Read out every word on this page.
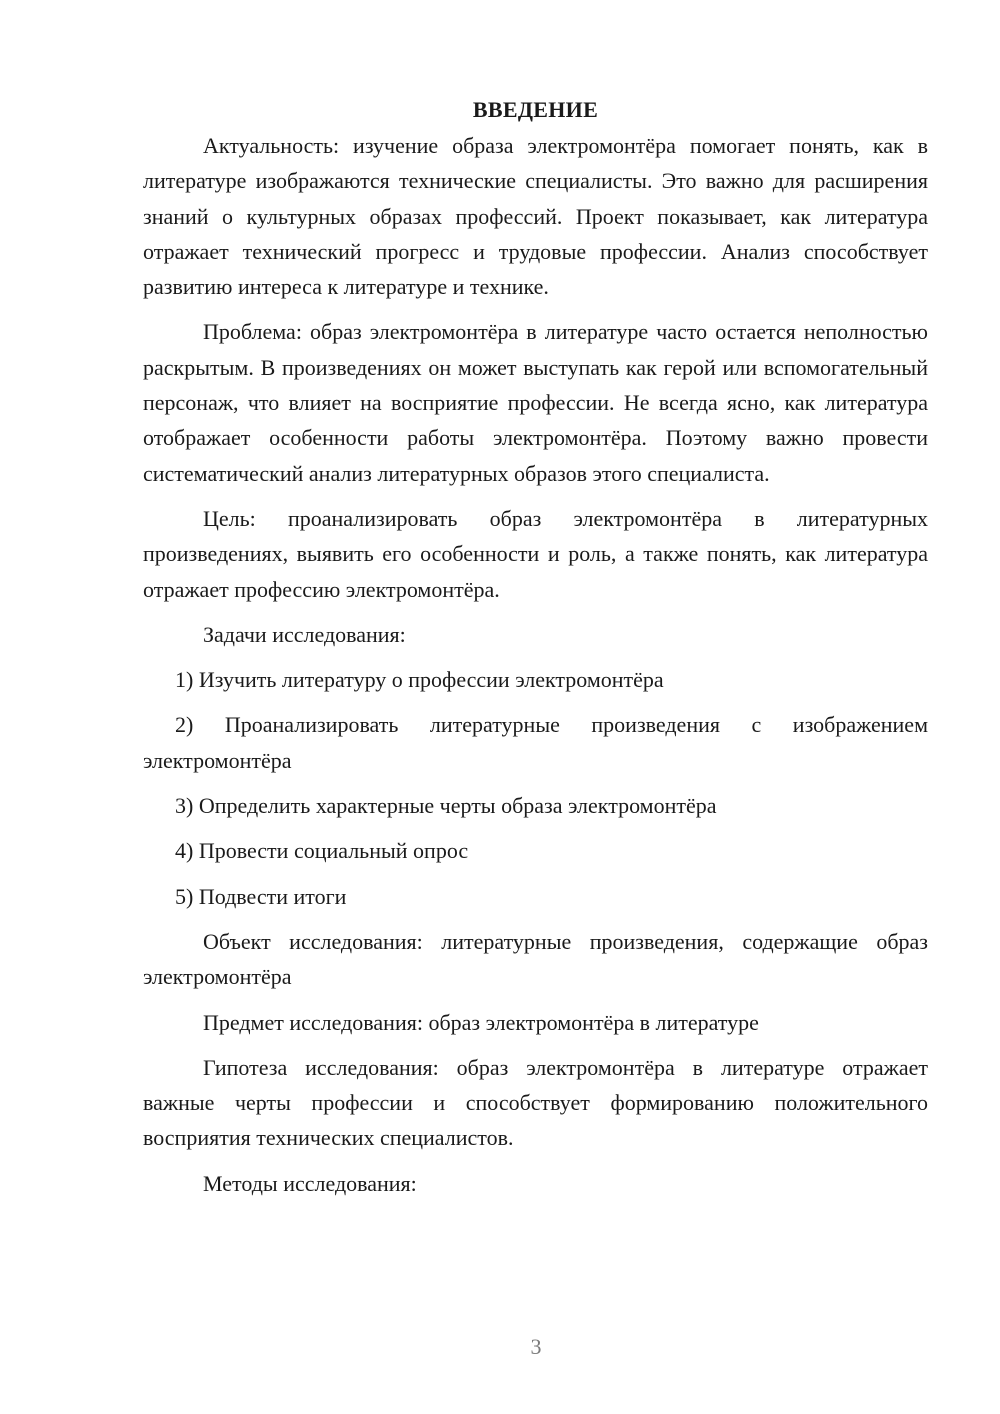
ВВЕДЕНИЕ

Актуальность: изучение образа электромонтёра помогает понять, как в литературе изображаются технические специалисты. Это важно для расширения знаний о культурных образах профессий. Проект показывает, как литература отражает технический прогресс и трудовые профессии. Анализ способствует развитию интереса к литературе и технике.

Проблема: образ электромонтёра в литературе часто остается неполностью раскрытым. В произведениях он может выступать как герой или вспомогательный персонаж, что влияет на восприятие профессии. Не всегда ясно, как литература отображает особенности работы электромонтёра. Поэтому важно провести систематический анализ литературных образов этого специалиста.

Цель: проанализировать образ электромонтёра в литературных произведениях, выявить его особенности и роль, а также понять, как литература отражает профессию электромонтёра.

Задачи исследования:

1) Изучить литературу о профессии электромонтёра

2) Проанализировать литературные произведения с изображением электромонтёра

3) Определить характерные черты образа электромонтёра

4) Провести социальный опрос

5) Подвести итоги

Объект исследования: литературные произведения, содержащие образ электромонтёра

Предмет исследования: образ электромонтёра в литературе

Гипотеза исследования: образ электромонтёра в литературе отражает важные черты профессии и способствует формированию положительного восприятия технических специалистов.

Методы исследования:

3
